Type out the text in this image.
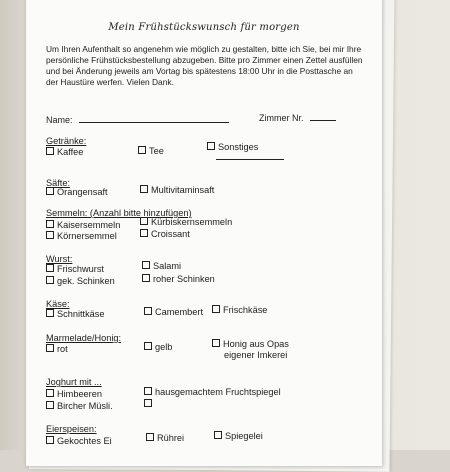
Mein Frühstückswunsch für morgen
Um Ihren Aufenthalt so angenehm wie möglich zu gestalten, bitte ich Sie, bei mir Ihre persönliche Frühstücksbestellung abzugeben. Bitte pro Zimmer einen Zettel ausfüllen und bei Änderung jeweils am Vortag bis spätestens 18:00 Uhr in die Posttasche an der Haustüre werfen. Vielen Dank.
Name:	Zimmer Nr.
Getränke:
Kaffee	Tee	Sonstiges
Säfte:
Orangensaft	Multivitaminsaft
Semmeln: (Anzahl bitte hinzufügen)
Kaisersemmeln	Kürbiskernsemmeln
Körnersemmel	Croissant
Wurst:
Frischwurst	Salami
gek. Schinken	roher Schinken
Käse:
Schnittkäse	Camembert	Frischkäse
Marmelade/Honig:
rot	gelb	Honig aus Opas
eigener Imkerei
Joghurt mit ...
Himbeeren	hausgemachtem Fruchtspiegel
Bircher Müsli.
Eierspeisen:
Gekochtes Ei	Rührei	Spiegelei
